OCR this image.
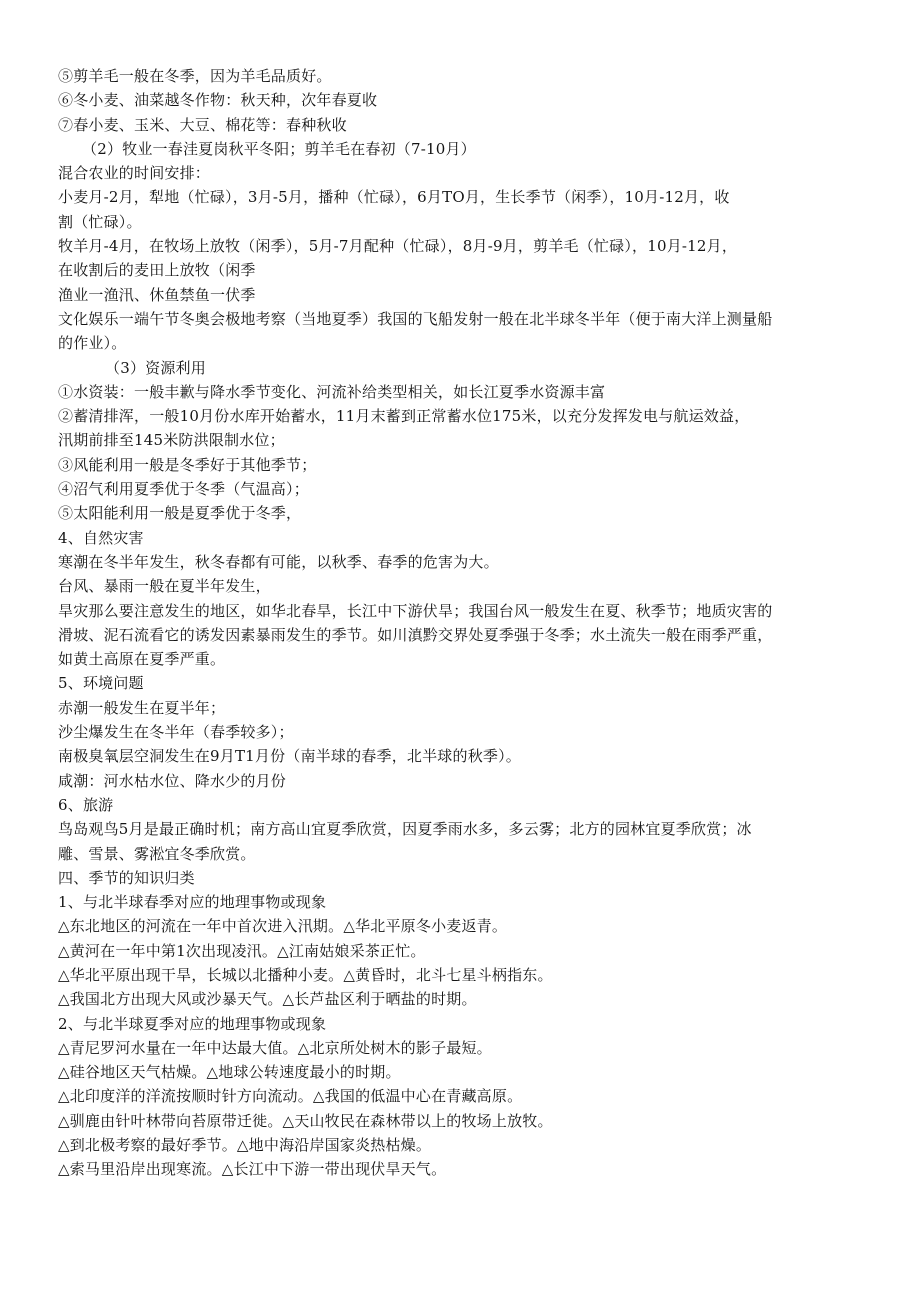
⑤剪羊毛一般在冬季，因为羊毛品质好。
⑥冬小麦、油菜越冬作物：秋天种，次年春夏收
⑦春小麦、玉米、大豆、棉花等：春种秋收
（2）牧业一春洼夏岗秋平冬阳；剪羊毛在春初（7-10月）
混合农业的时间安排：
小麦月-2月，犁地（忙碌），3月-5月，播种（忙碌），6月TO月，生长季节（闲季），10月-12月，收
割（忙碌）。
牧羊月-4月，在牧场上放牧（闲季），5月-7月配种（忙碌），8月-9月，剪羊毛（忙碌），10月-12月，
在收割后的麦田上放牧（闲季
渔业一渔汛、休鱼禁鱼一伏季
文化娱乐一端午节冬奥会极地考察（当地夏季）我国的飞船发射一般在北半球冬半年（便于南大洋上测量船
的作业）。
（3）资源利用
①水资装：一般丰歉与降水季节变化、河流补给类型相关，如长江夏季水资源丰富
②蓄清排浑，一般10月份水库开始蓄水，11月末蓄到正常蓄水位175米，以充分发挥发电与航运效益，
汛期前排至145米防洪限制水位；
③风能利用一般是冬季好于其他季节；
④沼气利用夏季优于冬季（气温高）；
⑤太阳能利用一般是夏季优于冬季，
4、自然灾害
寒潮在冬半年发生，秋冬春都有可能，以秋季、春季的危害为大。
台风、暴雨一般在夏半年发生，
旱灾那么要注意发生的地区，如华北春旱，长江中下游伏旱；我国台风一般发生在夏、秋季节；地质灾害的
滑坡、泥石流看它的诱发因素暴雨发生的季节。如川滇黔交界处夏季强于冬季；水土流失一般在雨季严重，
如黄土高原在夏季严重。
5、环境问题
赤潮一般发生在夏半年；
沙尘爆发生在冬半年（春季较多）；
南极臭氧层空洞发生在9月T1月份（南半球的春季，北半球的秋季）。
咸潮：河水枯水位、降水少的月份
6、旅游
鸟岛观鸟5月是最正确时机；南方高山宜夏季欣赏，因夏季雨水多，多云雾；北方的园林宜夏季欣赏；冰
雕、雪景、雾淞宜冬季欣赏。
四、季节的知识归类
1、与北半球春季对应的地理事物或现象
△东北地区的河流在一年中首次进入汛期。△华北平原冬小麦返青。
△黄河在一年中第1次出现凌汛。△江南姑娘采茶正忙。
△华北平原出现干旱，长城以北播种小麦。△黄昏时，北斗七星斗柄指东。
△我国北方出现大风或沙暴天气。△长芦盐区利于晒盐的时期。
2、与北半球夏季对应的地理事物或现象
△青尼罗河水量在一年中达最大值。△北京所处树木的影子最短。
△硅谷地区天气枯燥。△地球公转速度最小的时期。
△北印度洋的洋流按顺时针方向流动。△我国的低温中心在青藏高原。
△驯鹿由针叶林带向苔原带迁徙。△天山牧民在森林带以上的牧场上放牧。
△到北极考察的最好季节。△地中海沿岸国家炎热枯燥。
△索马里沿岸出现寒流。△长江中下游一带出现伏旱天气。
